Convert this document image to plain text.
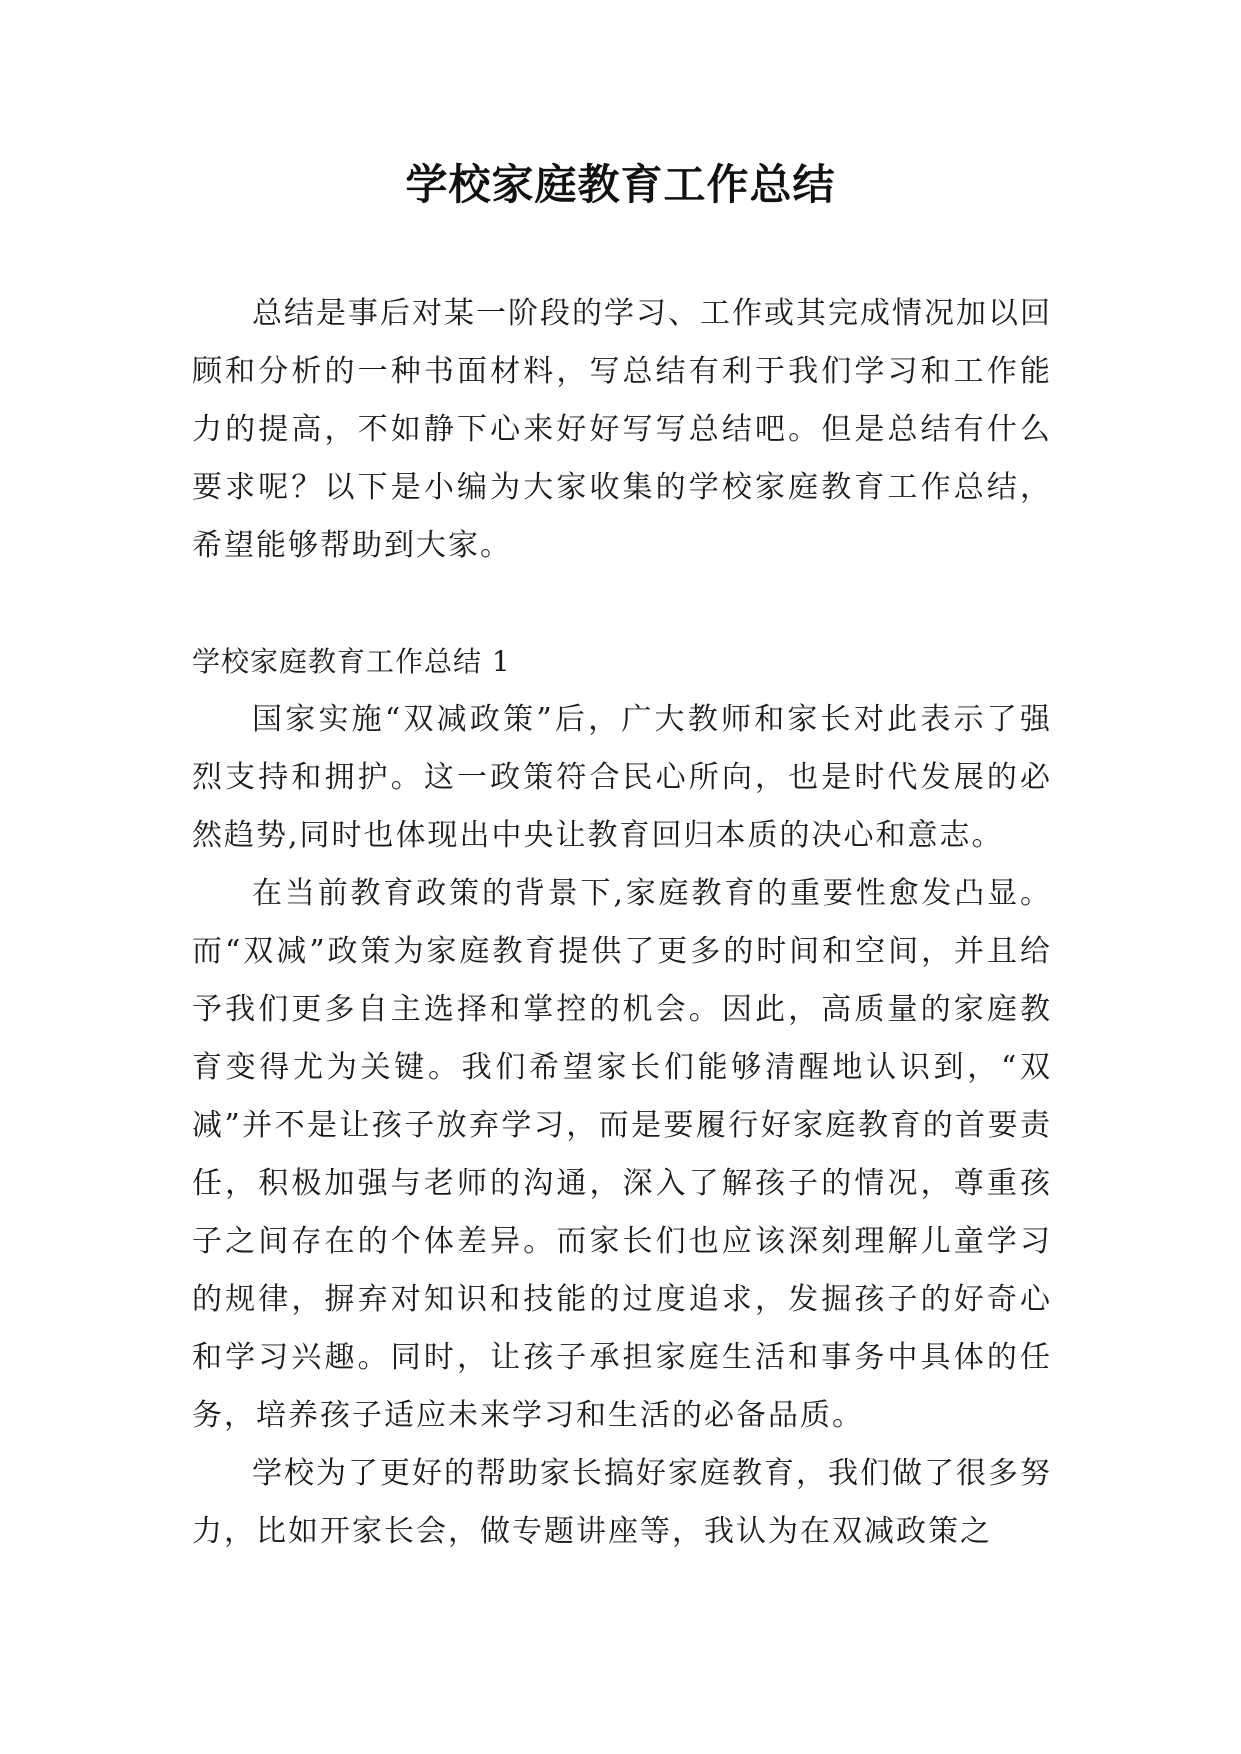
学校家庭教育工作总结

总结是事后对某一阶段的学习、工作或其完成情况加以回顾和分析的一种书面材料，写总结有利于我们学习和工作能力的提高，不如静下心来好好写写总结吧。但是总结有什么要求呢？以下是小编为大家收集的学校家庭教育工作总结，希望能够帮助到大家。

学校家庭教育工作总结 1

国家实施“双减政策”后，广大教师和家长对此表示了强烈支持和拥护。这一政策符合民心所向，也是时代发展的必然趋势,同时也体现出中央让教育回归本质的决心和意志。

在当前教育政策的背景下,家庭教育的重要性愈发凸显。而“双减”政策为家庭教育提供了更多的时间和空间，并且给予我们更多自主选择和掌控的机会。因此，高质量的家庭教育变得尤为关键。我们希望家长们能够清醒地认识到，“双减”并不是让孩子放弃学习，而是要履行好家庭教育的首要责任，积极加强与老师的沟通，深入了解孩子的情况，尊重孩子之间存在的个体差异。而家长们也应该深刻理解儿童学习的规律，摒弃对知识和技能的过度追求，发掘孩子的好奇心和学习兴趣。同时，让孩子承担家庭生活和事务中具体的任务，培养孩子适应未来学习和生活的必备品质。

学校为了更好的帮助家长搞好家庭教育，我们做了很多努力，比如开家长会，做专题讲座等，我认为在双减政策之
